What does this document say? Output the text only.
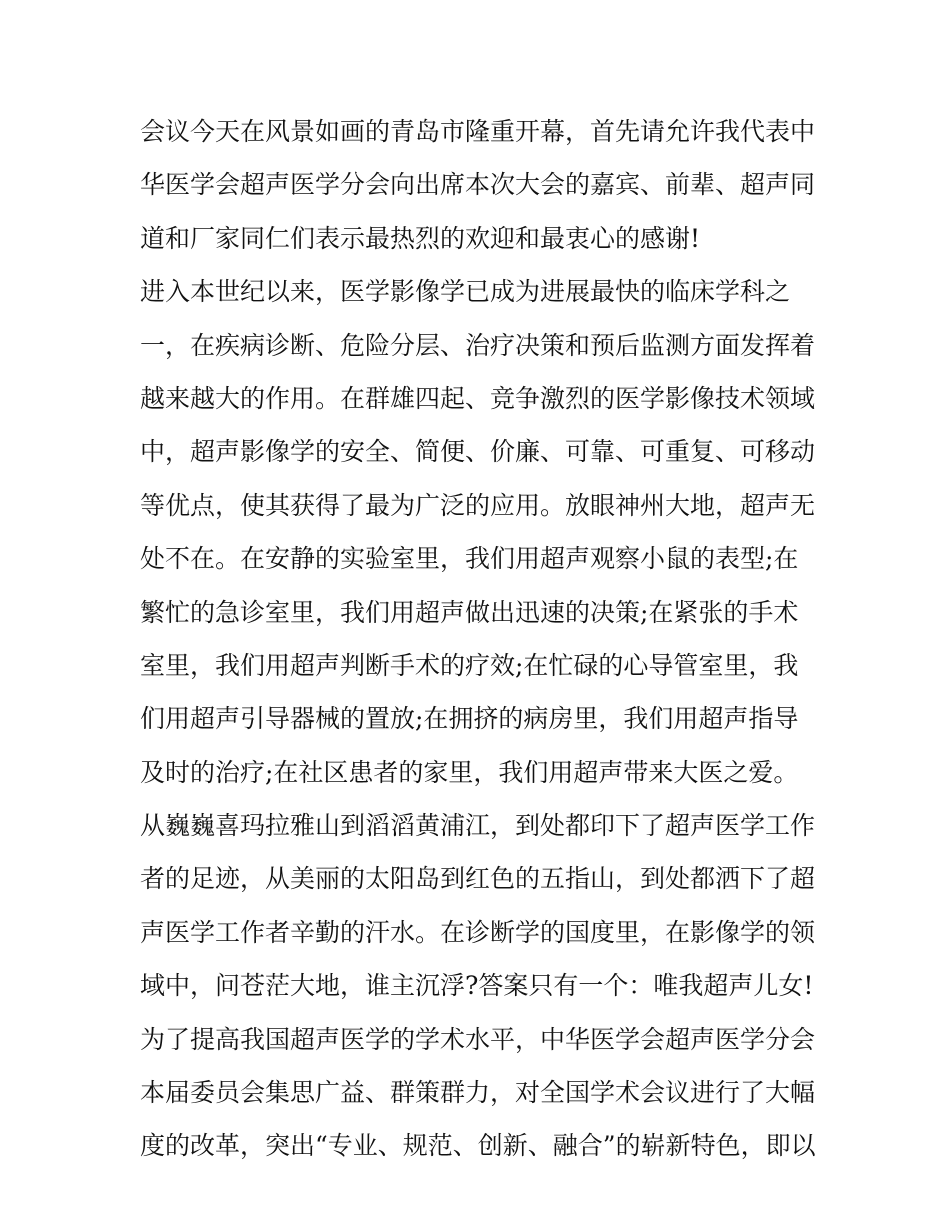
会议今天在风景如画的青岛市隆重开幕，首先请允许我代表中
华医学会超声医学分会向出席本次大会的嘉宾、前辈、超声同
道和厂家同仁们表示最热烈的欢迎和最衷心的感谢!
进入本世纪以来，医学影像学已成为进展最快的临床学科之
一，在疾病诊断、危险分层、治疗决策和预后监测方面发挥着
越来越大的作用。在群雄四起、竞争激烈的医学影像技术领域
中，超声影像学的安全、简便、价廉、可靠、可重复、可移动
等优点，使其获得了最为广泛的应用。放眼神州大地，超声无
处不在。在安静的实验室里，我们用超声观察小鼠的表型;在
繁忙的急诊室里，我们用超声做出迅速的决策;在紧张的手术
室里，我们用超声判断手术的疗效;在忙碌的心导管室里，我
们用超声引导器械的置放;在拥挤的病房里，我们用超声指导
及时的治疗;在社区患者的家里，我们用超声带来大医之爱。
从巍巍喜玛拉雅山到滔滔黄浦江，到处都印下了超声医学工作
者的足迹，从美丽的太阳岛到红色的五指山，到处都洒下了超
声医学工作者辛勤的汗水。在诊断学的国度里，在影像学的领
域中，问苍茫大地，谁主沉浮?答案只有一个：唯我超声儿女!
为了提高我国超声医学的学术水平，中华医学会超声医学分会
本届委员会集思广益、群策群力，对全国学术会议进行了大幅
度的改革，突出“专业、规范、创新、融合”的崭新特色，即以
